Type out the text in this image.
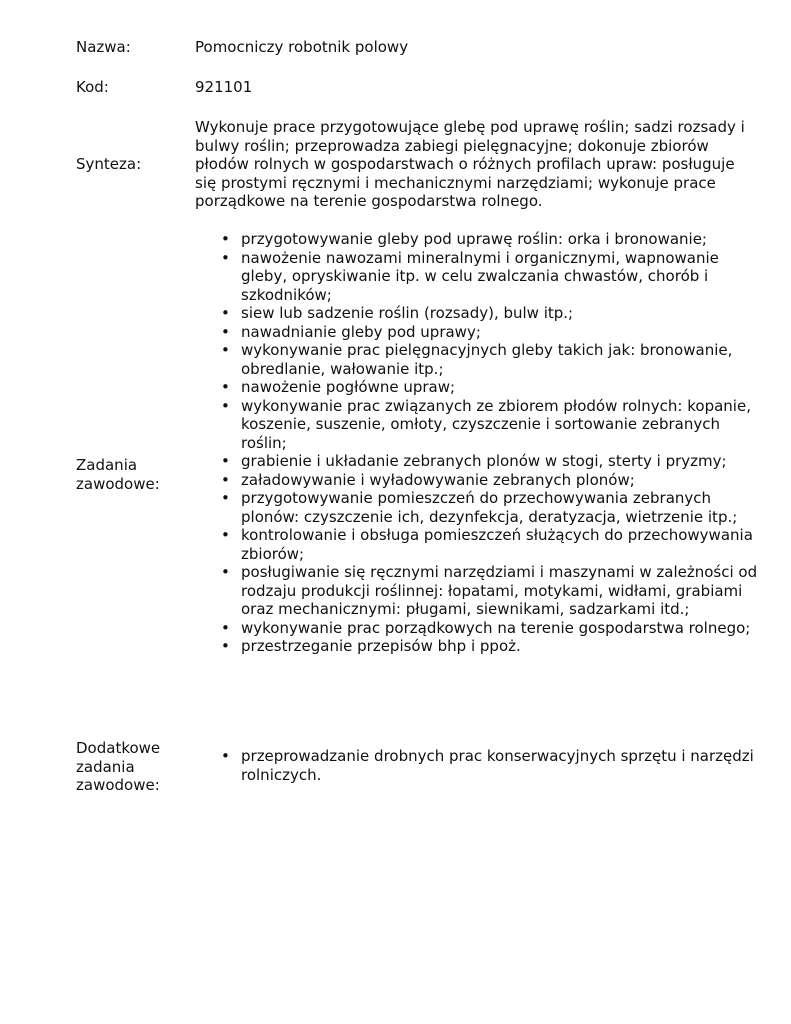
Nazwa:	Pomocniczy robotnik polowy
Kod:	921101
Synteza:
Wykonuje prace przygotowujące glebę pod uprawę roślin; sadzi rozsady i bulwy roślin; przeprowadza zabiegi pielęgnacyjne; dokonuje zbiorów płodów rolnych w gospodarstwach o różnych profilach upraw: posługuje się prostymi ręcznymi i mechanicznymi narzędziami; wykonuje prace porządkowe na terenie gospodarstwa rolnego.
Zadania zawodowe:
• przygotowywanie gleby pod uprawę roślin: orka i bronowanie;
• nawożenie nawozami mineralnymi i organicznymi, wapnowanie gleby, opryskiwanie itp. w celu zwalczania chwastów, chorób i szkodników;
• siew lub sadzenie roślin (rozsady), bulw itp.;
• nawadnianie gleby pod uprawy;
• wykonywanie prac pielęgnacyjnych gleby takich jak: bronowanie, obredlanie, wałowanie itp.;
• nawożenie pogłówne upraw;
• wykonywanie prac związanych ze zbiorem płodów rolnych: kopanie, koszenie, suszenie, omłoty, czyszczenie i sortowanie zebranych roślin;
• grabienie i układanie zebranych plonów w stogi, sterty i pryzmy;
• załadowywanie i wyładowywanie zebranych plonów;
• przygotowywanie pomieszczeń do przechowywania zebranych plonów: czyszczenie ich, dezynfekcja, deratyzacja, wietrzenie itp.;
• kontrolowanie i obsługa pomieszczeń służących do przechowywania zbiorów;
• posługiwanie się ręcznymi narzędziami i maszynami w zależności od rodzaju produkcji roślinnej: łopatami, motykami, widłami, grabiami oraz mechanicznymi: pługami, siewnikami, sadzarkami itd.;
• wykonywanie prac porządkowych na terenie gospodarstwa rolnego;
• przestrzeganie przepisów bhp i ppoż.
Dodatkowe zadania zawodowe:
• przeprowadzanie drobnych prac konserwacyjnych sprzętu i narzędzi rolniczych.
